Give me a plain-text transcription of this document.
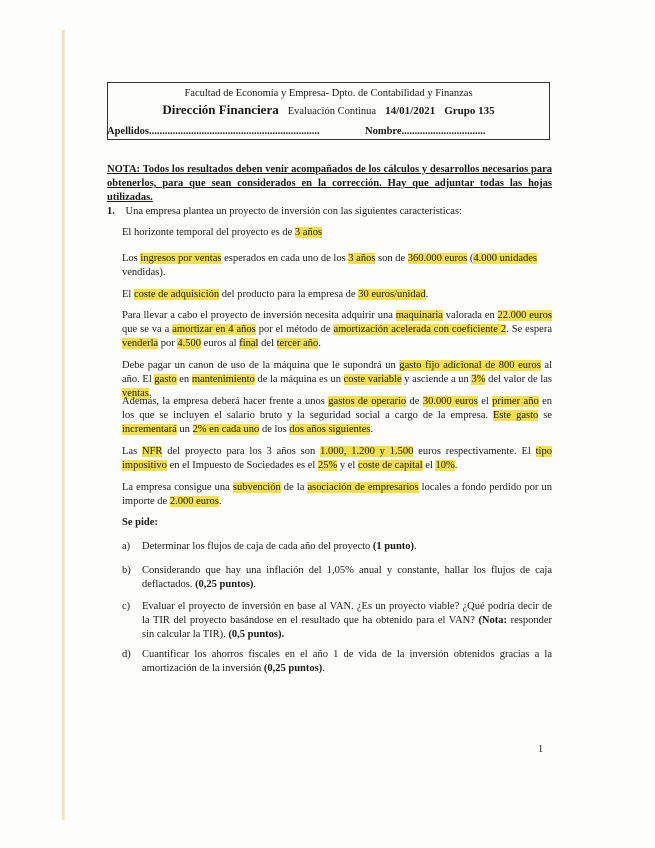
Facultad de Economía y Empresa- Dpto. de Contabilidad y Finanzas
Dirección Financiera Evaluación Continua 14/01/2021 Grupo 135
Apellidos.................................................................	Nombre................................
NOTA: Todos los resultados deben venir acompañados de los cálculos y desarrollos necesarios para obtenerlos, para que sean considerados en la corrección. Hay que adjuntar todas las hojas utilizadas.
1. Una empresa plantea un proyecto de inversión con las siguientes características:
El horizonte temporal del proyecto es de 3 años
Los ingresos por ventas esperados en cada uno de los 3 años son de 360.000 euros (4.000 unidades vendidas).
El coste de adquisición del producto para la empresa de 30 euros/unidad.
Para llevar a cabo el proyecto de inversión necesita adquirir una maquinaria valorada en 22.000 euros que se va a amortizar en 4 años por el método de amortización acelerada con coeficiente 2. Se espera venderla por 4.500 euros al final del tercer año.
Debe pagar un canon de uso de la máquina que le supondrá un gasto fijo adicional de 800 euros al año. El gasto en mantenimiento de la máquina es un coste variable y asciende a un 3% del valor de las ventas.
Además, la empresa deberá hacer frente a unos gastos de operario de 30.000 euros el primer año en los que se incluyen el salario bruto y la seguridad social a cargo de la empresa. Este gasto se incrementará un 2% en cada uno de los dos años siguientes.
Las NFR del proyecto para los 3 años son 1.000, 1.200 y 1.500 euros respectivamente. El tipo impositivo en el Impuesto de Sociedades es el 25% y el coste de capital el 10%.
La empresa consigue una subvención de la asociación de empresarios locales a fondo perdido por un importe de 2.000 euros.
Se pide:
a) Determinar los flujos de caja de cada año del proyecto (1 punto).
b) Considerando que hay una inflación del 1,05% anual y constante, hallar los flujos de caja deflactados. (0,25 puntos).
c) Evaluar el proyecto de inversión en base al VAN. ¿Es un proyecto viable? ¿Qué podría decir de la TIR del proyecto basándose en el resultado que ha obtenido para el VAN? (Nota: responder sin calcular la TIR). (0,5 puntos).
d) Cuantificar los ahorros fiscales en el año 1 de vida de la inversión obtenidos gracias a la amortización de la inversión (0,25 puntos).
1
